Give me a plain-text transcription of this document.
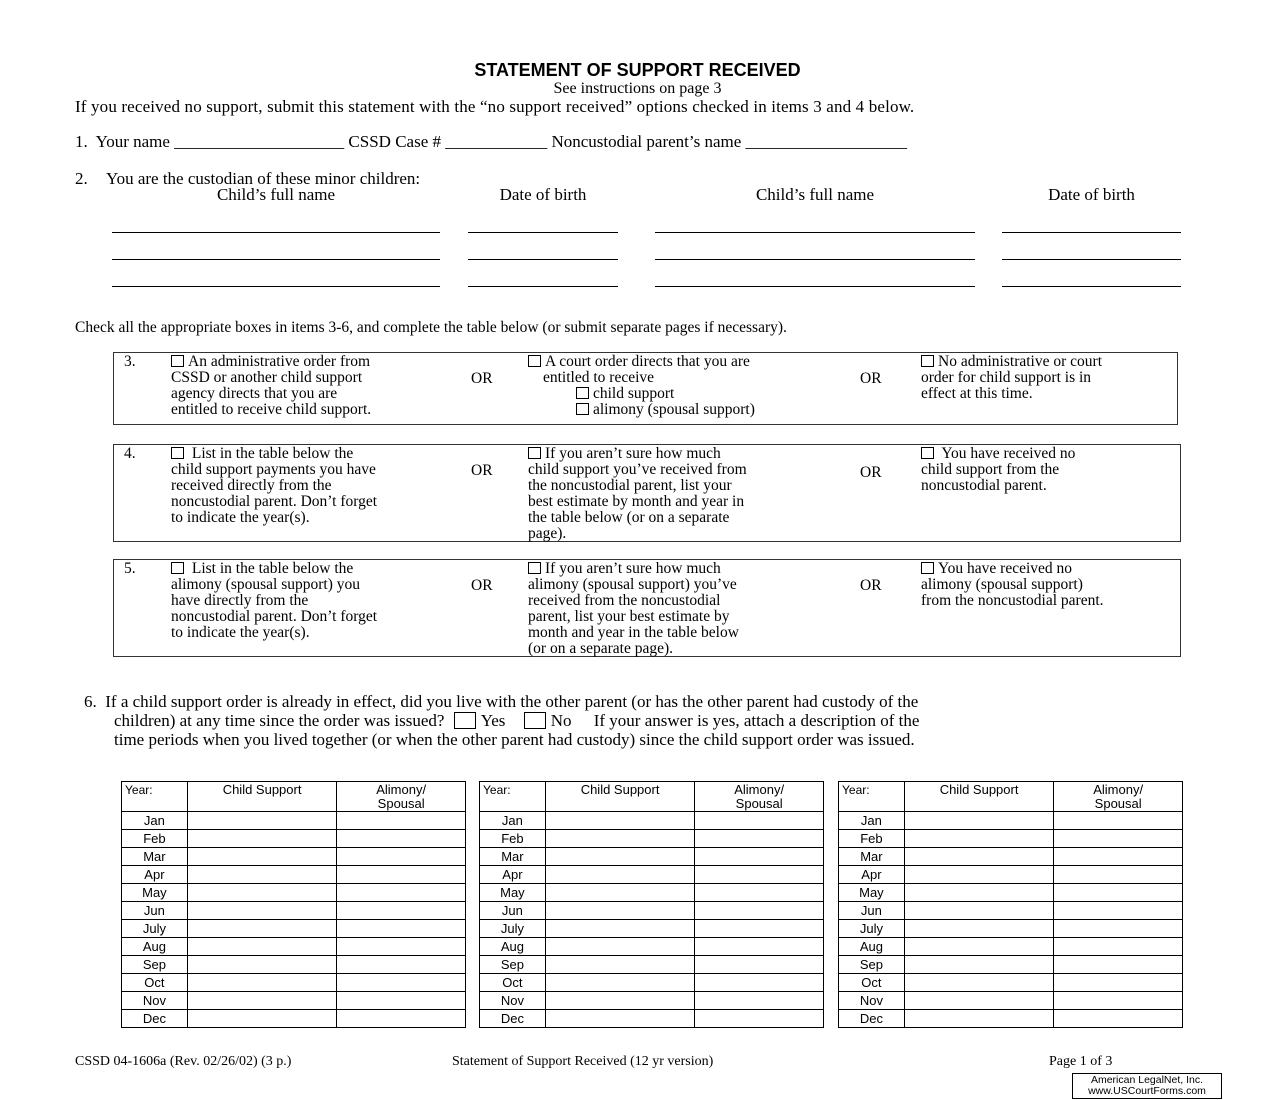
STATEMENT OF SUPPORT RECEIVED
See instructions on page 3
If you received no support, submit this statement with the “no support received” options checked in items 3 and 4 below.
1.  Your name ____________________ CSSD Case # ____________ Noncustodial parent’s name ___________________
2. You are the custodian of these minor children:
Child’s full name	Date of birth	Child’s full name	Date of birth
Check all the appropriate boxes in items 3-6, and complete the table below (or submit separate pages if necessary).
3.	An administrative order from
CSSD or another child support
agency directs that you are
entitled to receive child support.
OR
A court order directs that you are
entitled to receive
child support
alimony (spousal support)
OR
No administrative or court
order for child support is in
effect at this time.
4.	List in the table below the
child support payments you have
received directly from the
noncustodial parent. Don’t forget
to indicate the year(s).
OR
If you aren’t sure how much
child support you’ve received from
the noncustodial parent, list your
best estimate by month and year in
the table below (or on a separate
page).
OR
You have received no
child support from the
noncustodial parent.
5.	List in the table below the
alimony (spousal support) you
have directly from the
noncustodial parent. Don’t forget
to indicate the year(s).
OR
If you aren’t sure how much
alimony (spousal support) you’ve
received from the noncustodial
parent, list your best estimate by
month and year in the table below
(or on a separate page).
OR
You have received no
alimony (spousal support)
from the noncustodial parent.
6. If a child support order is already in effect, did you live with the other parent (or has the other parent had custody of the
children) at any time since the order was issued? Yes	No If your answer is yes, attach a description of the
time periods when you lived together (or when the other parent had custody) since the child support order was issued.
Year:	Child Support	Alimony/
Spousal

Jan		
Feb		
Mar		
Apr		
May		
Jun		
July		
Aug		
Sep		
Oct		
Nov		
Dec		
Year:	Child Support	Alimony/
Spousal

Jan		
Feb		
Mar		
Apr		
May		
Jun		
July		
Aug		
Sep		
Oct		
Nov		
Dec		
Year:	Child Support	Alimony/
Spousal

Jan		
Feb		
Mar		
Apr		
May		
Jun		
July		
Aug		
Sep		
Oct		
Nov		
Dec		
CSSD 04-1606a (Rev. 02/26/02) (3 p.)	Statement of Support Received (12 yr version)	Page 1 of 3
American LegalNet, Inc.
www.USCourtForms.com
